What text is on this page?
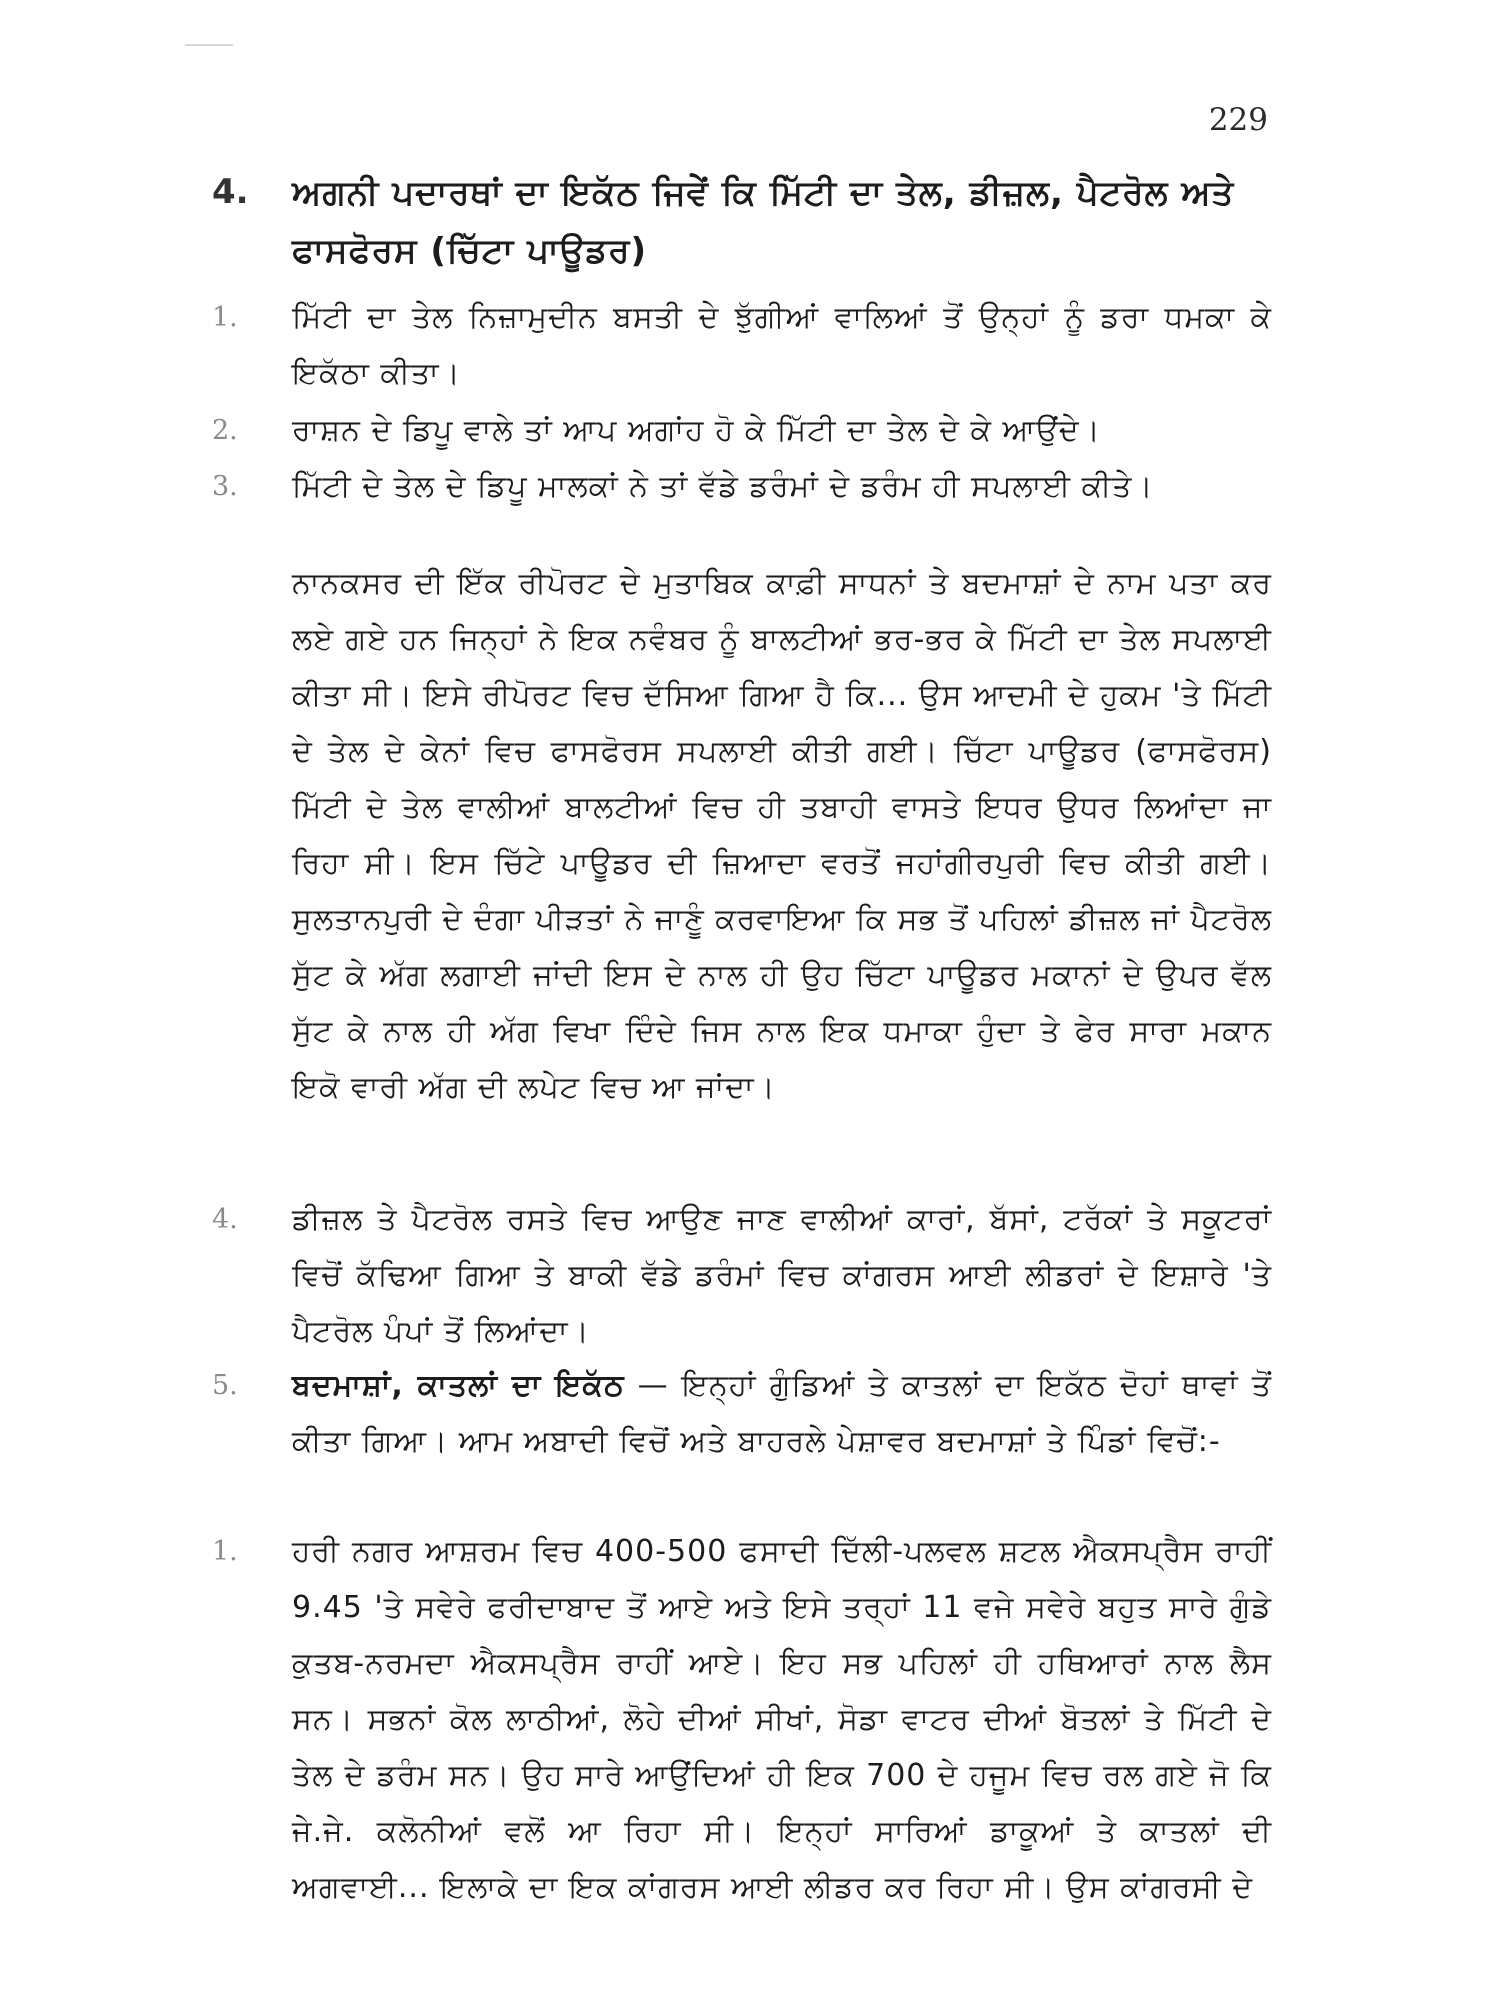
229
4. ਅਗਨੀ ਪਦਾਰਥਾਂ ਦਾ ਇਕੱਠ ਜਿਵੇਂ ਕਿ ਮਿੱਟੀ ਦਾ ਤੇਲ, ਡੀਜ਼ਲ, ਪੈਟਰੋਲ ਅਤੇ ਫਾਸਫੋਰਸ (ਚਿੱਟਾ ਪਾਊਡਰ)

1. ਮਿੱਟੀ ਦਾ ਤੇਲ ਨਿਜ਼ਾਮੁਦੀਨ ਬਸਤੀ ਦੇ ਝੁੱਗੀਆਂ ਵਾਲਿਆਂ ਤੋਂ ਉਨ੍ਹਾਂ ਨੂੰ ਡਰਾ ਧਮਕਾ ਕੇ ਇਕੱਠਾ ਕੀਤਾ।

2. ਰਾਸ਼ਨ ਦੇ ਡਿਪੂ ਵਾਲੇ ਤਾਂ ਆਪ ਅਗਾਂਹ ਹੋ ਕੇ ਮਿੱਟੀ ਦਾ ਤੇਲ ਦੇ ਕੇ ਆਉਂਦੇ।

3. ਮਿੱਟੀ ਦੇ ਤੇਲ ਦੇ ਡਿਪੂ ਮਾਲਕਾਂ ਨੇ ਤਾਂ ਵੱਡੇ ਡਰੰਮਾਂ ਦੇ ਡਰੰਮ ਹੀ ਸਪਲਾਈ ਕੀਤੇ।

ਨਾਨਕਸਰ ਦੀ ਇੱਕ ਰੀਪੋਰਟ ਦੇ ਮੁਤਾਬਿਕ ਕਾਫ਼ੀ ਸਾਧਨਾਂ ਤੇ ਬਦਮਾਸ਼ਾਂ ਦੇ ਨਾਮ ਪਤਾ ਕਰ ਲਏ ਗਏ ਹਨ ਜਿਨ੍ਹਾਂ ਨੇ ਇਕ ਨਵੰਬਰ ਨੂੰ ਬਾਲਟੀਆਂ ਭਰ-ਭਰ ਕੇ ਮਿੱਟੀ ਦਾ ਤੇਲ ਸਪਲਾਈ ਕੀਤਾ ਸੀ। ਇਸੇ ਰੀਪੋਰਟ ਵਿਚ ਦੱਸਿਆ ਗਿਆ ਹੈ ਕਿ... ਉਸ ਆਦਮੀ ਦੇ ਹੁਕਮ 'ਤੇ ਮਿੱਟੀ ਦੇ ਤੇਲ ਦੇ ਕੇਨਾਂ ਵਿਚ ਫਾਸਫੋਰਸ ਸਪਲਾਈ ਕੀਤੀ ਗਈ। ਚਿੱਟਾ ਪਾਊਡਰ (ਫਾਸਫੋਰਸ) ਮਿੱਟੀ ਦੇ ਤੇਲ ਵਾਲੀਆਂ ਬਾਲਟੀਆਂ ਵਿਚ ਹੀ ਤਬਾਹੀ ਵਾਸਤੇ ਇਧਰ ਉਧਰ ਲਿਆਂਦਾ ਜਾ ਰਿਹਾ ਸੀ। ਇਸ ਚਿੱਟੇ ਪਾਊਡਰ ਦੀ ਜ਼ਿਆਦਾ ਵਰਤੋਂ ਜਹਾਂਗੀਰਪੁਰੀ ਵਿਚ ਕੀਤੀ ਗਈ। ਸੁਲਤਾਨਪੁਰੀ ਦੇ ਦੰਗਾ ਪੀੜਤਾਂ ਨੇ ਜਾਣੂੰ ਕਰਵਾਇਆ ਕਿ ਸਭ ਤੋਂ ਪਹਿਲਾਂ ਡੀਜ਼ਲ ਜਾਂ ਪੈਟਰੋਲ ਸੁੱਟ ਕੇ ਅੱਗ ਲਗਾਈ ਜਾਂਦੀ ਇਸ ਦੇ ਨਾਲ ਹੀ ਉਹ ਚਿੱਟਾ ਪਾਊਡਰ ਮਕਾਨਾਂ ਦੇ ਉਪਰ ਵੱਲ ਸੁੱਟ ਕੇ ਨਾਲ ਹੀ ਅੱਗ ਵਿਖਾ ਦਿੰਦੇ ਜਿਸ ਨਾਲ ਇਕ ਧਮਾਕਾ ਹੁੰਦਾ ਤੇ ਫੇਰ ਸਾਰਾ ਮਕਾਨ ਇਕੋ ਵਾਰੀ ਅੱਗ ਦੀ ਲਪੇਟ ਵਿਚ ਆ ਜਾਂਦਾ।

4. ਡੀਜ਼ਲ ਤੇ ਪੈਟਰੋਲ ਰਸਤੇ ਵਿਚ ਆਉਣ ਜਾਣ ਵਾਲੀਆਂ ਕਾਰਾਂ, ਬੱਸਾਂ, ਟਰੱਕਾਂ ਤੇ ਸਕੂਟਰਾਂ ਵਿਚੋਂ ਕੱਢਿਆ ਗਿਆ ਤੇ ਬਾਕੀ ਵੱਡੇ ਡਰੰਮਾਂ ਵਿਚ ਕਾਂਗਰਸ ਆਈ ਲੀਡਰਾਂ ਦੇ ਇਸ਼ਾਰੇ 'ਤੇ ਪੈਟਰੋਲ ਪੰਪਾਂ ਤੋਂ ਲਿਆਂਦਾ।

5. ਬਦਮਾਸ਼ਾਂ, ਕਾਤਲਾਂ ਦਾ ਇਕੱਠ — ਇਨ੍ਹਾਂ ਗੁੰਡਿਆਂ ਤੇ ਕਾਤਲਾਂ ਦਾ ਇਕੱਠ ਦੋਹਾਂ ਥਾਵਾਂ ਤੋਂ ਕੀਤਾ ਗਿਆ। ਆਮ ਅਬਾਦੀ ਵਿਚੋਂ ਅਤੇ ਬਾਹਰਲੇ ਪੇਸ਼ਾਵਰ ਬਦਮਾਸ਼ਾਂ ਤੇ ਪਿੰਡਾਂ ਵਿਚੋਂ:-

1. ਹਰੀ ਨਗਰ ਆਸ਼ਰਮ ਵਿਚ 400-500 ਫਸਾਦੀ ਦਿੱਲੀ-ਪਲਵਲ ਸ਼ਟਲ ਐਕਸਪ੍ਰੈਸ ਰਾਹੀਂ 9.45 'ਤੇ ਸਵੇਰੇ ਫਰੀਦਾਬਾਦ ਤੋਂ ਆਏ ਅਤੇ ਇਸੇ ਤਰ੍ਹਾਂ 11 ਵਜੇ ਸਵੇਰੇ ਬਹੁਤ ਸਾਰੇ ਗੁੰਡੇ ਕੁਤਬ-ਨਰਮਦਾ ਐਕਸਪ੍ਰੈਸ ਰਾਹੀਂ ਆਏ। ਇਹ ਸਭ ਪਹਿਲਾਂ ਹੀ ਹਥਿਆਰਾਂ ਨਾਲ ਲੈਸ ਸਨ। ਸਭਨਾਂ ਕੋਲ ਲਾਠੀਆਂ, ਲੋਹੇ ਦੀਆਂ ਸੀਖਾਂ, ਸੋਡਾ ਵਾਟਰ ਦੀਆਂ ਬੋਤਲਾਂ ਤੇ ਮਿੱਟੀ ਦੇ ਤੇਲ ਦੇ ਡਰੰਮ ਸਨ। ਉਹ ਸਾਰੇ ਆਉਂਦਿਆਂ ਹੀ ਇਕ 700 ਦੇ ਹਜੂਮ ਵਿਚ ਰਲ ਗਏ ਜੋ ਕਿ ਜੇ.ਜੇ. ਕਲੋਨੀਆਂ ਵਲੋਂ ਆ ਰਿਹਾ ਸੀ। ਇਨ੍ਹਾਂ ਸਾਰਿਆਂ ਡਾਕੂਆਂ ਤੇ ਕਾਤਲਾਂ ਦੀ ਅਗਵਾਈ... ਇਲਾਕੇ ਦਾ ਇਕ ਕਾਂਗਰਸ ਆਈ ਲੀਡਰ ਕਰ ਰਿਹਾ ਸੀ। ਉਸ ਕਾਂਗਰਸੀ ਦੇ
